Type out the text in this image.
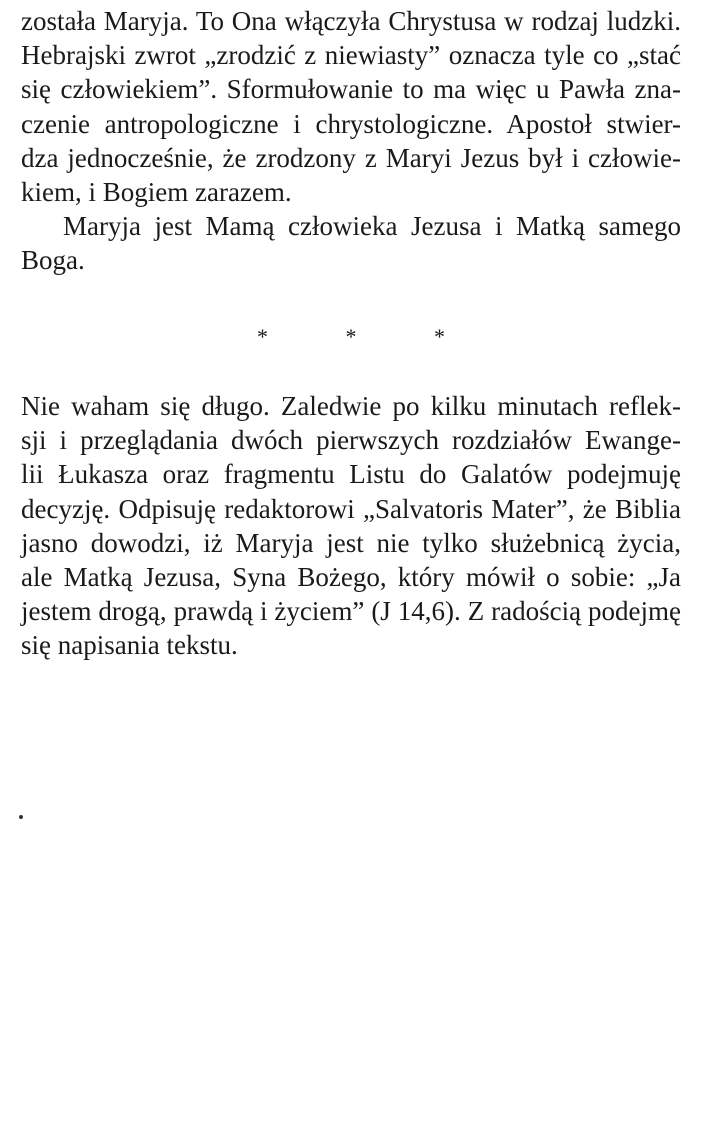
została Maryja. To Ona włączyła Chrystusa w rodzaj ludzki.
Hebrajski zwrot „zrodzić z niewiasty” oznacza tyle co „stać
się człowiekiem”. Sformułowanie to ma więc u Pawła zna-
czenie antropologiczne i chrystologiczne. Apostoł stwier-
dza jednocześnie, że zrodzony z Maryi Jezus był i człowie-
kiem, i Bogiem zarazem.
Maryja jest Mamą człowieka Jezusa i Matką samego
Boga.
* * *
Nie waham się długo. Zaledwie po kilku minutach reflek-
sji i przeglądania dwóch pierwszych rozdziałów Ewange-
lii Łukasza oraz fragmentu Listu do Galatów podejmuję
decyzję. Odpisuję redaktorowi „Salvatoris Mater”, że Biblia
jasno dowodzi, iż Maryja jest nie tylko służebnicą życia,
ale Matką Jezusa, Syna Bożego, który mówił o sobie: „Ja
jestem drogą, prawdą i życiem” (J 14,6). Z radością podejmę
się napisania tekstu.
